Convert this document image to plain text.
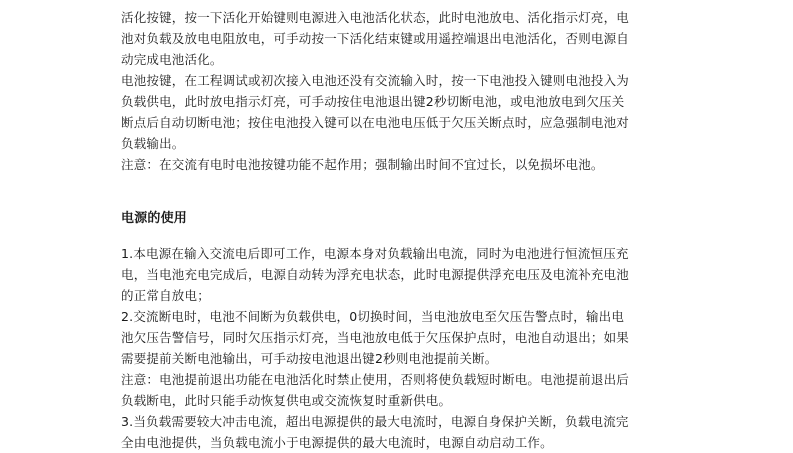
活化按键，按一下活化开始键则电源进入电池活化状态，此时电池放电、活化指示灯亮，电
池对负载及放电电阻放电，可手动按一下活化结束键或用遥控端退出电池活化，否则电源自
动完成电池活化。

电池按键，在工程调试或初次接入电池还没有交流输入时，按一下电池投入键则电池投入为
负载供电，此时放电指示灯亮，可手动按住电池退出键2秒切断电池，或电池放电到欠压关
断点后自动切断电池；按住电池投入键可以在电池电压低于欠压关断点时，应急强制电池对
负载输出。

注意：在交流有电时电池按键功能不起作用；强制输出时间不宜过长，以免损坏电池。

电源的使用

1.本电源在输入交流电后即可工作，电源本身对负载输出电流，同时为电池进行恒流恒压充
电，当电池充电完成后，电源自动转为浮充电状态，此时电源提供浮充电压及电流补充电池
的正常自放电；

2.交流断电时，电池不间断为负载供电，0切换时间，当电池放电至欠压告警点时，输出电
池欠压告警信号，同时欠压指示灯亮，当电池放电低于欠压保护点时，电池自动退出；如果
需要提前关断电池输出，可手动按电池退出键2秒则电池提前关断。

注意：电池提前退出功能在电池活化时禁止使用，否则将使负载短时断电。电池提前退出后
负载断电，此时只能手动恢复供电或交流恢复时重新供电。

3.当负载需要较大冲击电流，超出电源提供的最大电流时，电源自身保护关断，负载电流完
全由电池提供，当负载电流小于电源提供的最大电流时，电源自动启动工作。
